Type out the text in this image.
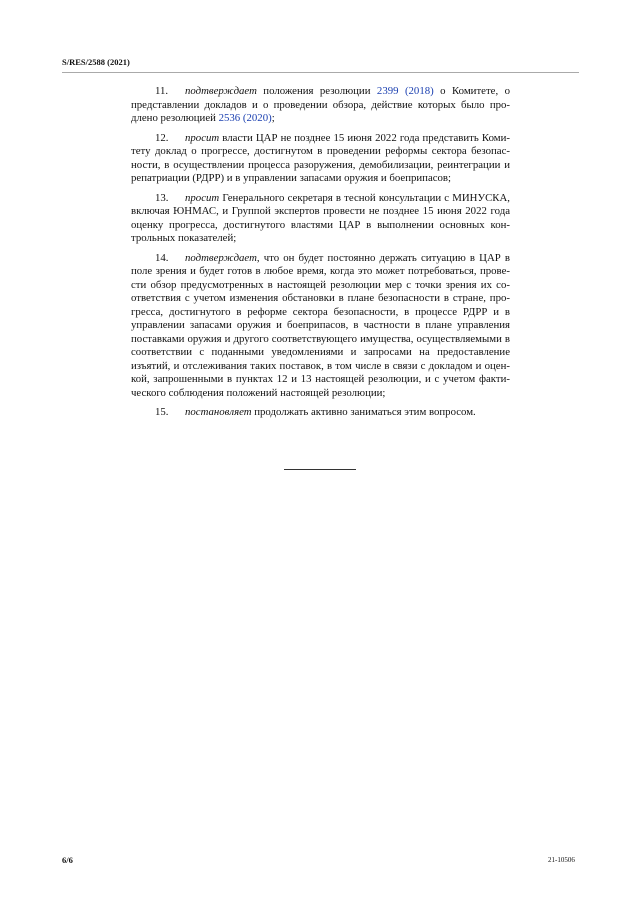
S/RES/2588 (2021)

11. подтверждает положения резолюции 2399 (2018) о Комитете, о представлении докладов и о проведении обзора, действие которых было продлено резолюцией 2536 (2020);

12. просит власти ЦАР не позднее 15 июня 2022 года представить Комитету доклад о прогрессе, достигнутом в проведении реформы сектора безопасности, в осуществлении процесса разоружения, демобилизации, реинтеграции и репатриации (РДРР) и в управлении запасами оружия и боеприпасов;

13. просит Генерального секретаря в тесной консультации с МИНУСКА, включая ЮНМАС, и Группой экспертов провести не позднее 15 июня 2022 года оценку прогресса, достигнутого властями ЦАР в выполнении основных контрольных показателей;

14. подтверждает, что он будет постоянно держать ситуацию в ЦАР в поле зрения и будет готов в любое время, когда это может потребоваться, провести обзор предусмотренных в настоящей резолюции мер с точки зрения их соответствия с учетом изменения обстановки в плане безопасности в стране, прогресса, достигнутого в реформе сектора безопасности, в процессе РДРР и в управлении запасами оружия и боеприпасов, в частности в плане управления поставками оружия и другого соответствующего имущества, осуществляемыми в соответствии с поданными уведомлениями и запросами на предоставление изъятий, и отслеживания таких поставок, в том числе в связи с докладом и оценкой, запрошенными в пунктах 12 и 13 настоящей резолюции, и с учетом фактического соблюдения положений настоящей резолюции;

15. постановляет продолжать активно заниматься этим вопросом.

6/6	21-10506
